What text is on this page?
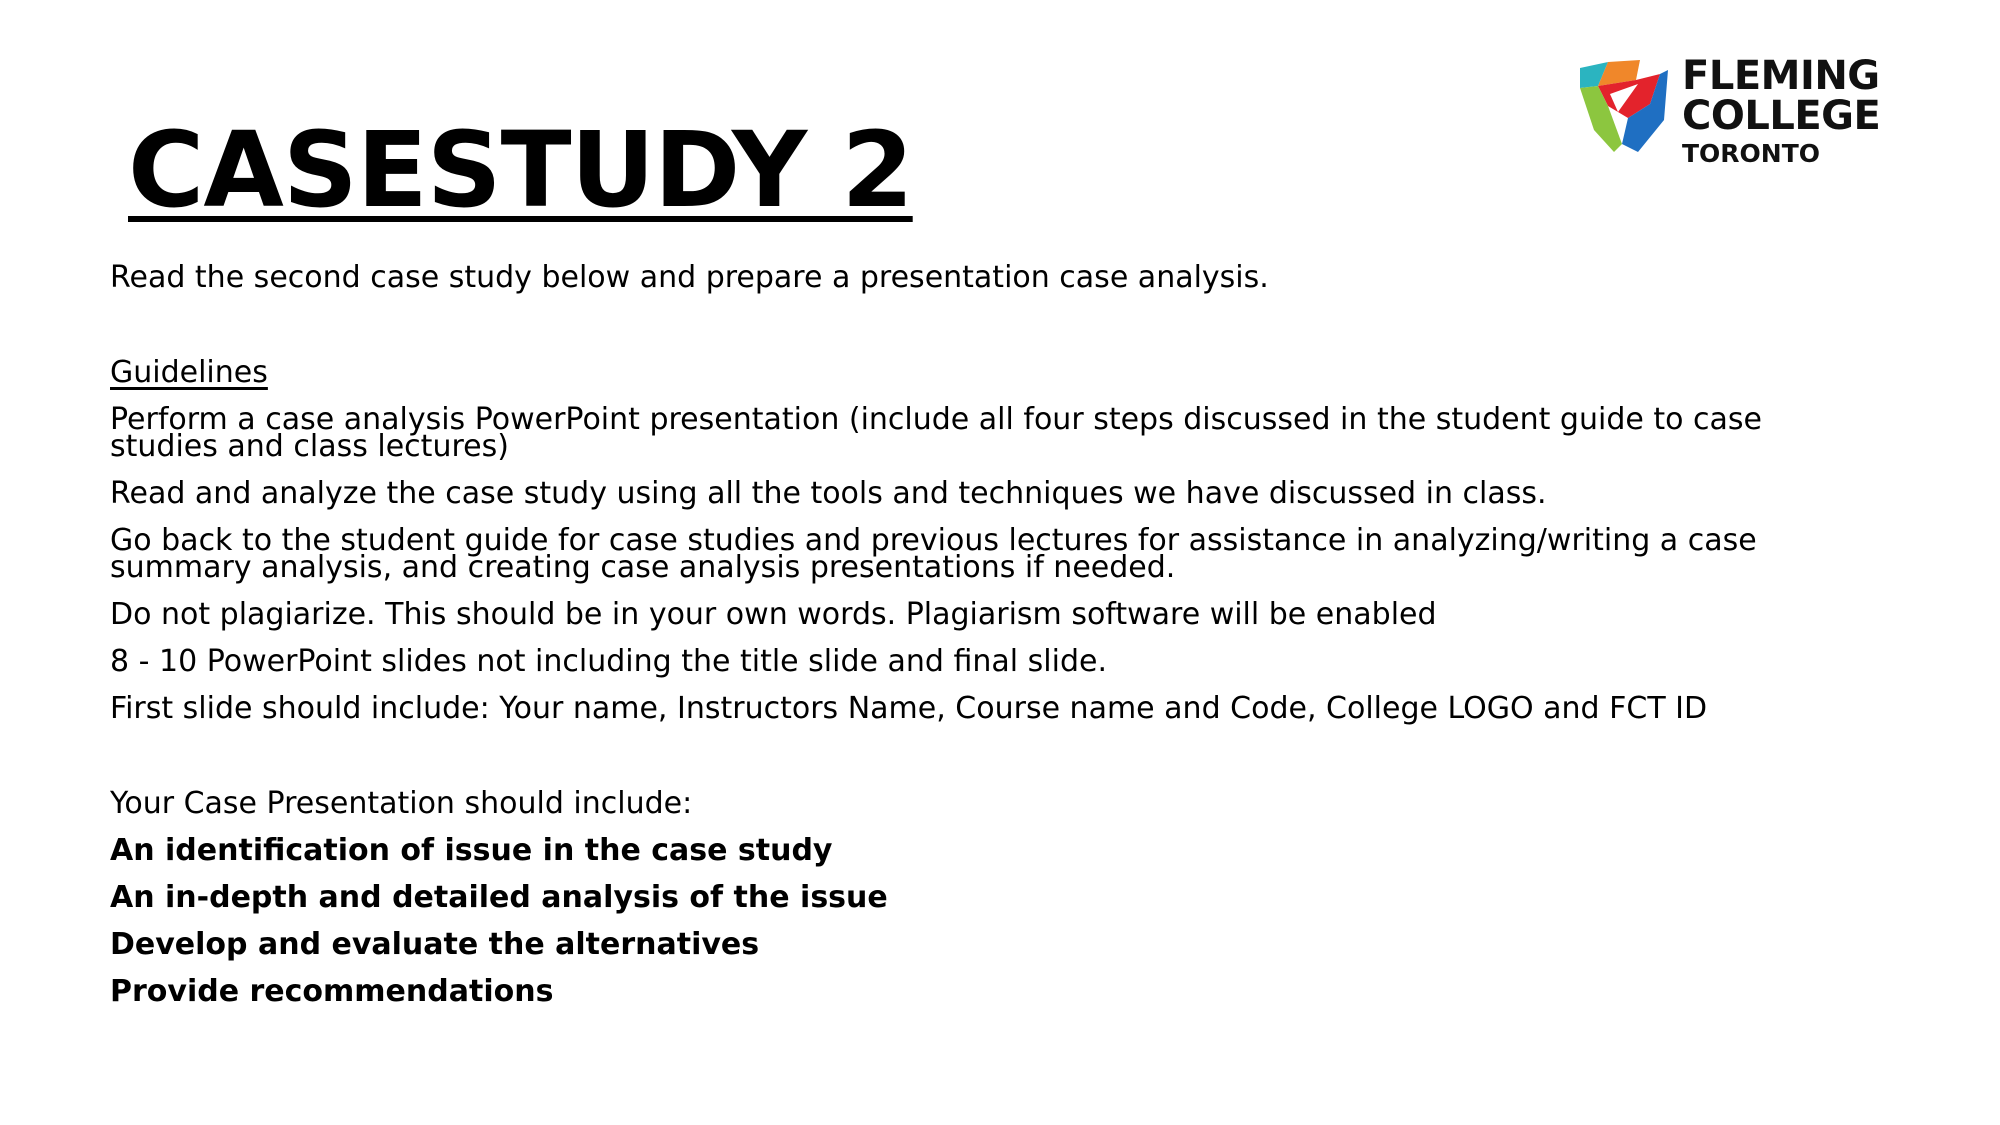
CASESTUDY 2
FLEMING
COLLEGE
TORONTO

Read the second case study below and prepare a presentation case analysis.

Guidelines

Perform a case analysis PowerPoint presentation (include all four steps discussed in the student guide to case studies and class lectures)

Read and analyze the case study using all the tools and techniques we have discussed in class.

Go back to the student guide for case studies and previous lectures for assistance in analyzing/writing a case summary analysis, and creating case analysis presentations if needed.

Do not plagiarize. This should be in your own words. Plagiarism software will be enabled

8 - 10 PowerPoint slides not including the title slide and final slide.

First slide should include: Your name, Instructors Name, Course name and Code, College LOGO and FCT ID

Your Case Presentation should include:

An identification of issue in the case study

An in-depth and detailed analysis of the issue

Develop and evaluate the alternatives

Provide recommendations
